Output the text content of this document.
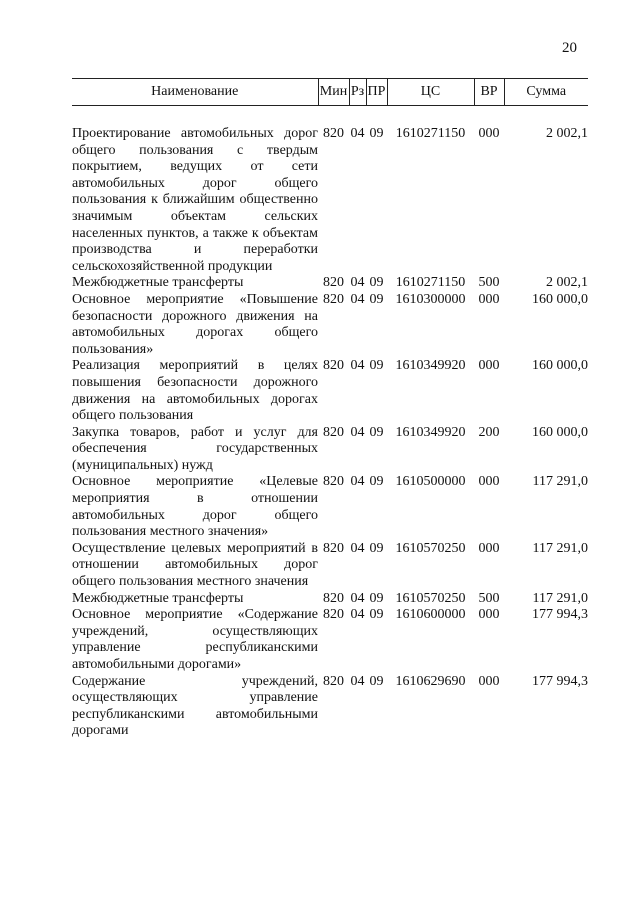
20
Наименование	Мин	Рз	ПР	ЦС	ВР	Сумма

Проектирование автомобильных дорог общего пользования с твердым покрытием, ведущих от сети автомобильных дорог общего пользования к ближайшим общественно значимым объектам сельских населенных пунктов, а также к объектам производства и переработки сельскохозяйственной продукции	820	04	09	1610271150	000	2 002,1
Межбюджетные трансферты	820	04	09	1610271150	500	2 002,1
Основное мероприятие «Повышение безопасности дорожного движения на автомобильных дорогах общего пользования»	820	04	09	1610300000	000	160 000,0
Реализация мероприятий в целях повышения безопасности дорожного движения на автомобильных дорогах общего пользования	820	04	09	1610349920	000	160 000,0
Закупка товаров, работ и услуг для обеспечения государственных (муниципальных) нужд	820	04	09	1610349920	200	160 000,0
Основное мероприятие «Целевые мероприятия в отношении автомобильных дорог общего пользования местного значения»	820	04	09	1610500000	000	117 291,0
Осуществление целевых мероприятий в отношении автомобильных дорог общего пользования местного значения	820	04	09	1610570250	000	117 291,0
Межбюджетные трансферты	820	04	09	1610570250	500	117 291,0
Основное мероприятие «Содержание учреждений, осуществляющих управление республиканскими автомобильными дорогами»	820	04	09	1610600000	000	177 994,3
Содержание учреждений, осуществляющих управление республиканскими автомобильными дорогами	820	04	09	1610629690	000	177 994,3
